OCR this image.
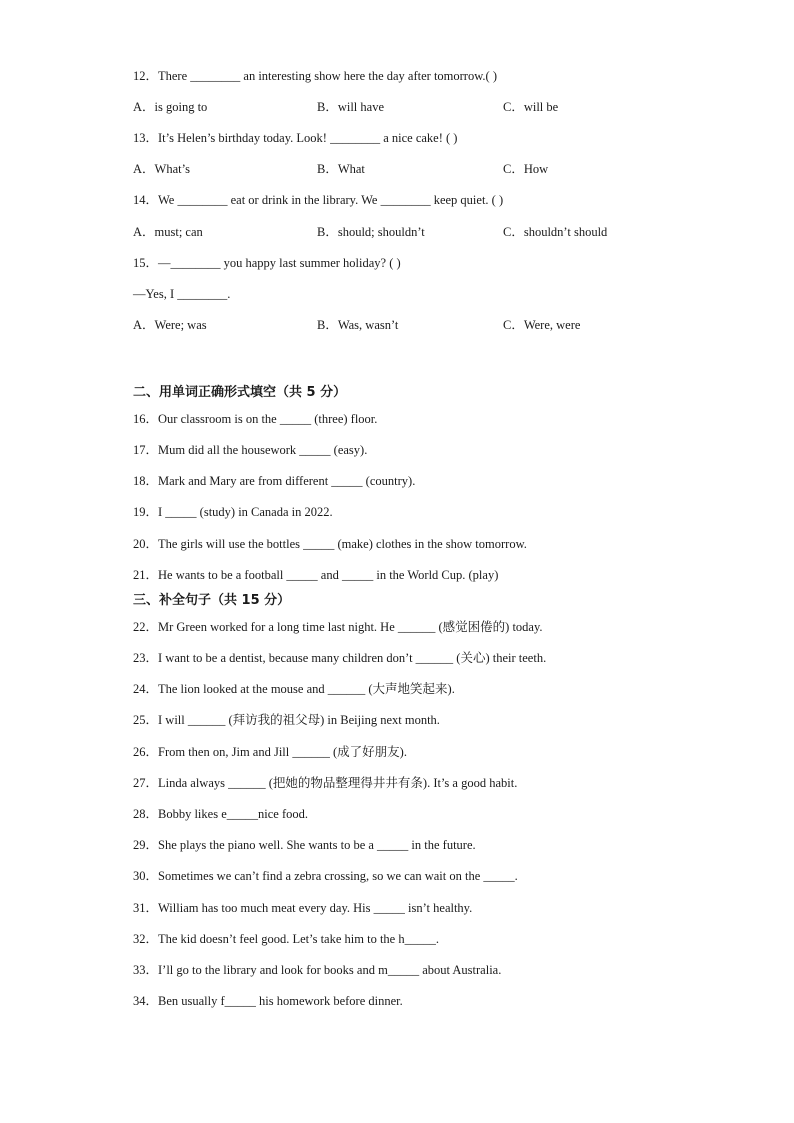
12．There ________ an interesting show here the day after tomorrow.( )
A．is going to	B．will have	C．will be
13．It’s Helen’s birthday today. Look! ________ a nice cake! ( )
A．What’s	B．What	C．How
14．We ________ eat or drink in the library. We ________ keep quiet. ( )
A．must; can	B．should; shouldn’t	C．shouldn’t should
15．—________ you happy last summer holiday? ( )
—Yes, I ________.
A．Were; was	B．Was, wasn’t	C．Were, were
二、用单词正确形式填空（共 5 分）
16．Our classroom is on the _____ (three) floor.
17．Mum did all the housework _____ (easy).
18．Mark and Mary are from different _____ (country).
19．I _____ (study) in Canada in 2022.
20．The girls will use the bottles _____ (make) clothes in the show tomorrow.
21．He wants to be a football _____ and _____ in the World Cup. (play)
三、补全句子（共 15 分）
22．Mr Green worked for a long time last night. He ______ (感觉困倦的) today.
23．I want to be a dentist, because many children don’t ______ (关心) their teeth.
24．The lion looked at the mouse and ______ (大声地笑起来).
25．I will ______ (拜访我的祖父母) in Beijing next month.
26．From then on, Jim and Jill ______ (成了好朋友).
27．Linda always ______ (把她的物品整理得井井有条). It’s a good habit.
28．Bobby likes e_____nice food.
29．She plays the piano well. She wants to be a _____ in the future.
30．Sometimes we can’t find a zebra crossing, so we can wait on the _____.
31．William has too much meat every day. His _____ isn’t healthy.
32．The kid doesn’t feel good. Let’s take him to the h_____.
33．I’ll go to the library and look for books and m_____ about Australia.
34．Ben usually f_____ his homework before dinner.
